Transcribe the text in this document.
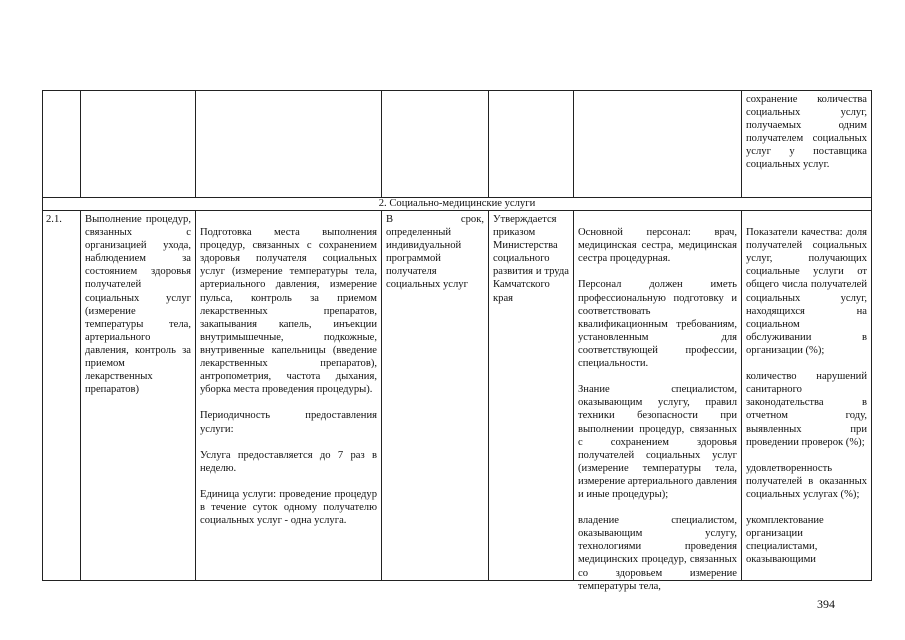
сохранение количества социальных услуг, получаемых одним получателем социальных услуг у поставщика социальных услуг.
2. Социально-медицинские услуги
2.1.	Выполнение процедур, связанных с организацией ухода, наблюдением за состоянием здоровья получателей социальных услуг (измерение температуры тела, артериального давления, контроль за приемом лекарственных препаратов)

Подготовка места выполнения процедур, связанных с сохранением здоровья получателя социальных услуг (измерение температуры тела, артериального давления, измерение пульса, контроль за приемом лекарственных препаратов, закапывания капель, инъекции внутримышечные, подкожные, внутривенные капельницы (введение лекарственных препаратов), антропометрия, частота дыхания, уборка места проведения процедуры).

Периодичность предоставления услуги:

Услуга предоставляется до 7 раз в неделю.

Единица услуги: проведение процедур в течение суток одному получателю социальных услуг - одна услуга.

В срок, определенный индивидуальной программой получателя социальных услуг
Утверждается приказом Министерства социального развития и труда Камчатского края

Основной персонал: врач, медицинская сестра, медицинская сестра процедурная.

Персонал должен иметь профессиональную подготовку и соответствовать квалификационным требованиям, установленным для соответствующей профессии, специальности.

Знание специалистом, оказывающим услугу, правил техники безопасности при выполнении процедур, связанных с сохранением здоровья получателей социальных услуг (измерение температуры тела, измерение артериального давления и иные процедуры);

владение специалистом, оказывающим услугу, технологиями проведения медицинских процедур, связанных со здоровьем измерение температуры тела,

Показатели качества: доля получателей социальных услуг, получающих социальные услуги от общего числа получателей социальных услуг, находящихся на социальном обслуживании в организации (%);

количество нарушений санитарного законодательства в отчетном году, выявленных при проведении проверок (%);

удовлетворенность получателей в оказанных социальных услугах (%);

укомплектование организации специалистами, оказывающими

394
